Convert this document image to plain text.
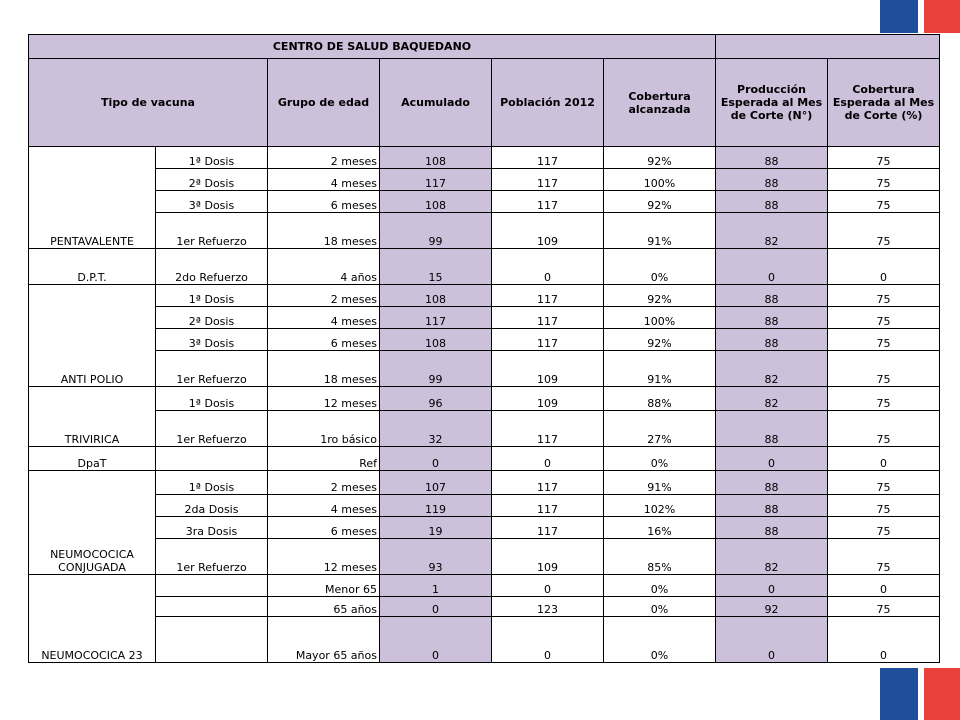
CENTRO DE SALUD BAQUEDANO							
Tipo de vacuna		Grupo de edad	Acumulado	Población 2012	Cobertura alcanzada	Producción Esperada al Mes de Corte (N°)	Cobertura Esperada al Mes de Corte (%)
PENTAVALENTE	1ª Dosis	2 meses	108	117	92%	88	75
	2ª Dosis	4 meses	117	117	100%	88	75
	3ª Dosis	6 meses	108	117	92%	88	75
	1er Refuerzo	18 meses	99	109	91%	82	75
D.P.T.	2do Refuerzo	4 años	15	0	0%	0	0
ANTI POLIO	1ª Dosis	2 meses	108	117	92%	88	75
	2ª Dosis	4 meses	117	117	100%	88	75
	3ª Dosis	6 meses	108	117	92%	88	75
	1er Refuerzo	18 meses	99	109	91%	82	75
TRIVIRICA	1ª Dosis	12 meses	96	109	88%	82	75
	1er Refuerzo	1ro básico	32	117	27%	88	75
DpaT		Ref	0	0	0%	0	0
NEUMOCOCICA CONJUGADA	1ª Dosis	2 meses	107	117	91%	88	75
	2da Dosis	4 meses	119	117	102%	88	75
	3ra Dosis	6 meses	19	117	16%	88	75
	1er Refuerzo	12 meses	93	109	85%	82	75
NEUMOCOCICA 23		Menor 65	1	0	0%	0	0
		65 años	0	123	0%	92	75
		Mayor 65 años	0	0	0%	0	0
